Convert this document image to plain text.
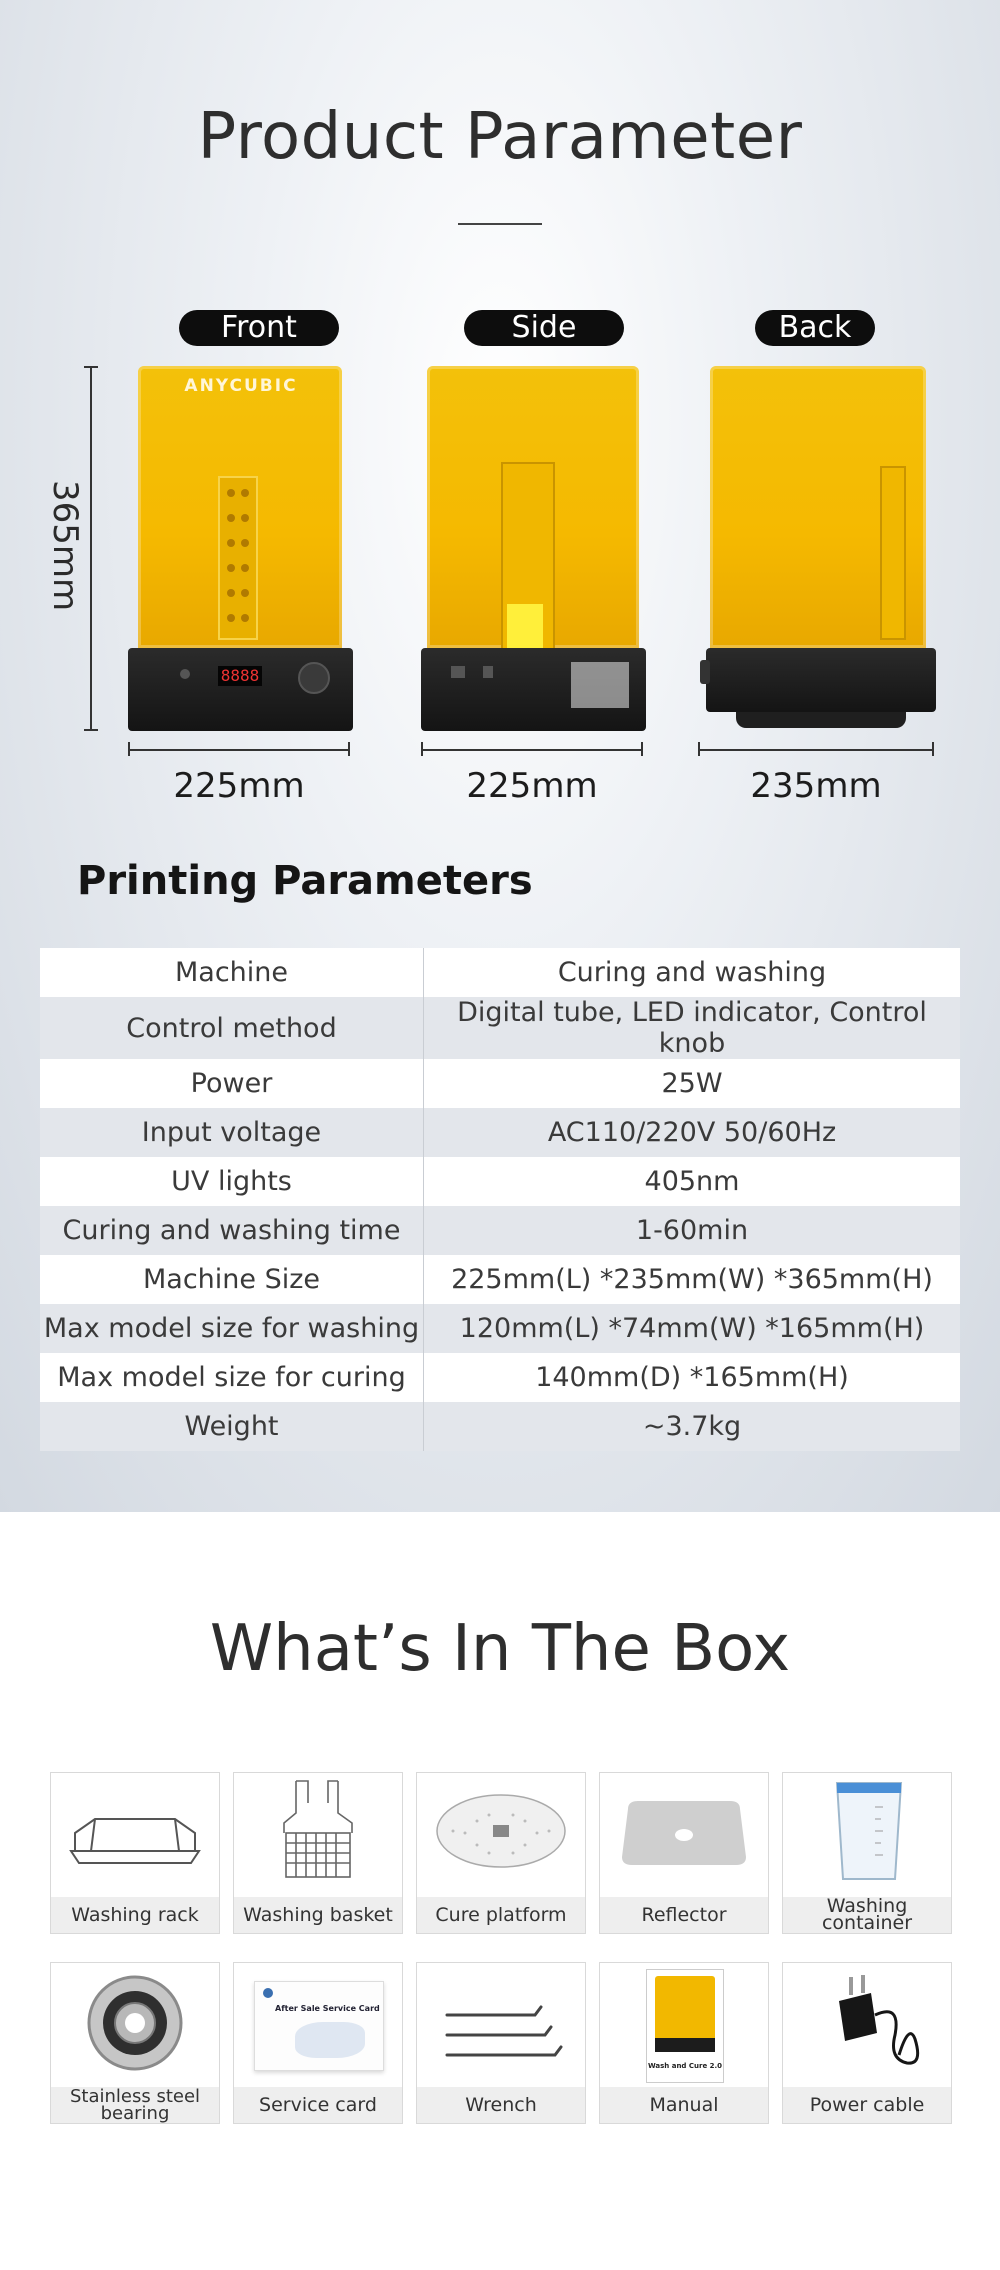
Product Parameter
Front	Side	Back
ANYCUBIC
8888
365mm
225mm	225mm	235mm
Printing Parameters
Machine	Curing and washing
Control method	Digital tube, LED indicator, Control knob
Power	25W
Input voltage	AC110/220V 50/60Hz
UV lights	405nm
Curing and washing time	1-60min
Machine Size	225mm(L) *235mm(W) *365mm(H)
Max model size for washing	120mm(L) *74mm(W) *165mm(H)
Max model size for curing	140mm(D) *165mm(H)
Weight	~3.7kg
What’s In The Box
Washing rack	Washing basket	Cure platform	Reflector	Washing container
Stainless steel bearing
After Sale Service Card
Service card	Wrench
Wash and Cure 2.0
Manual	Power cable
